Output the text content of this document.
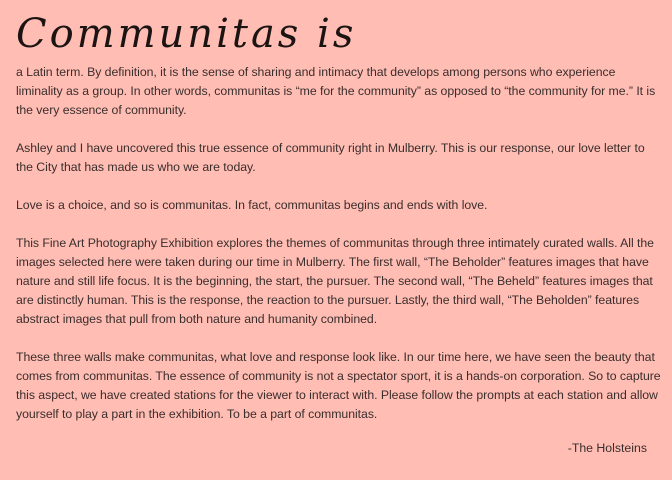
Communitas is

a Latin term. By definition, it is the sense of sharing and intimacy that develops among persons who experience liminality as a group. In other words, communitas is “me for the community” as opposed to “the community for me.” It is the very essence of community.

Ashley and I have uncovered this true essence of community right in Mulberry. This is our response, our love letter to the City that has made us who we are today.

Love is a choice, and so is communitas. In fact, communitas begins and ends with love.

This Fine Art Photography Exhibition explores the themes of communitas through three intimately curated walls. All the images selected here were taken during our time in Mulberry. The first wall, “The Beholder” features images that have nature and still life focus. It is the beginning, the start, the pursuer. The second wall, “The Beheld” features images that are distinctly human. This is the response, the reaction to the pursuer. Lastly, the third wall, “The Beholden” features abstract images that pull from both nature and humanity combined.

These three walls make communitas, what love and response look like. In our time here, we have seen the beauty that comes from communitas. The essence of community is not a spectator sport, it is a hands-on corporation. So to capture this aspect, we have created stations for the viewer to interact with. Please follow the prompts at each station and allow yourself to play a part in the exhibition. To be a part of communitas.

-The Holsteins
